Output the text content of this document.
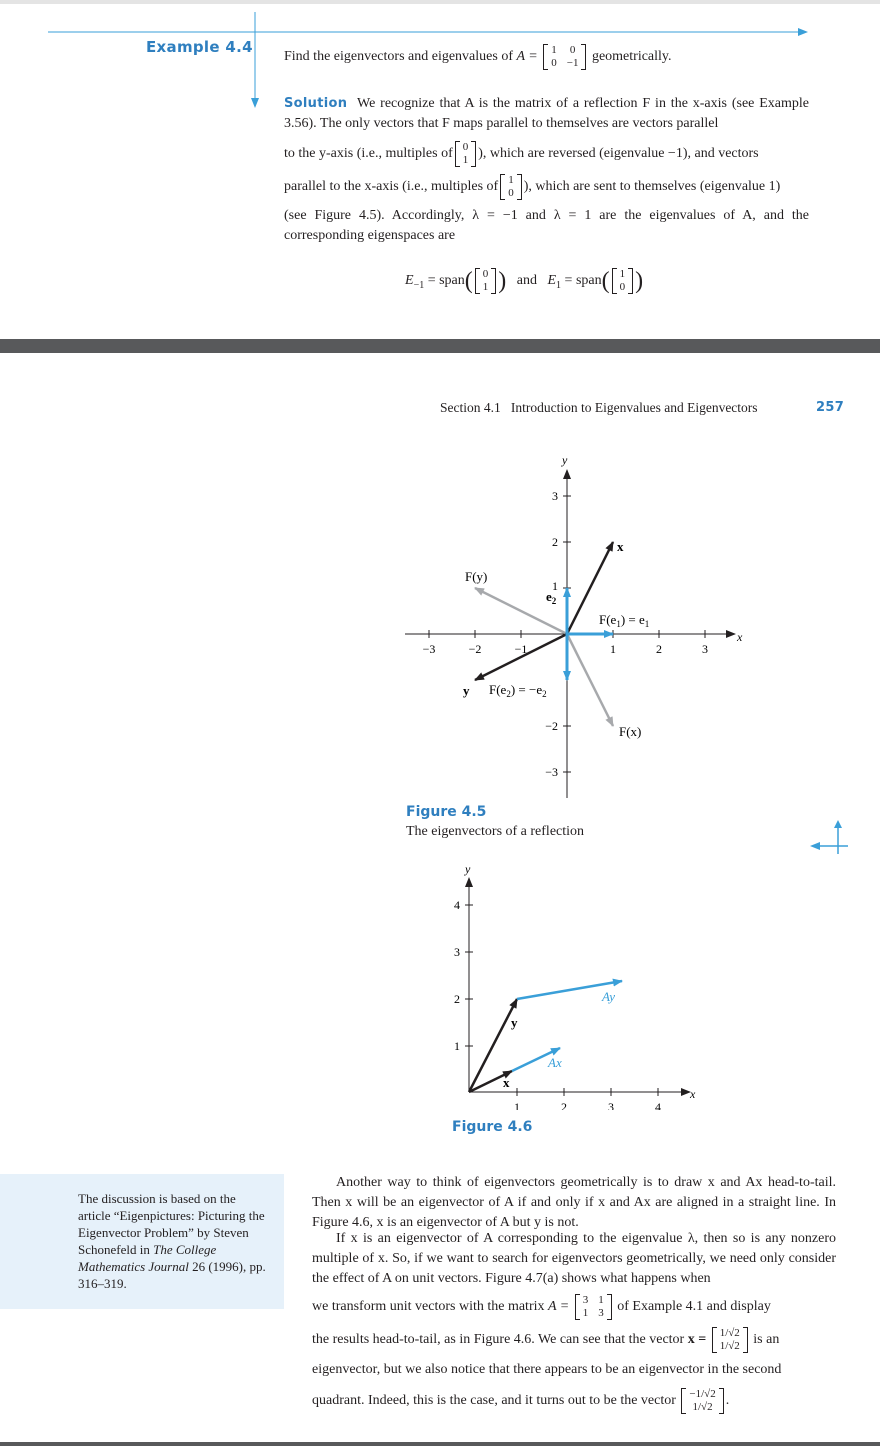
Example 4.4
Find the eigenvectors and eigenvalues of A = 1 0
0 −1 geometrically.
Solution We recognize that A is the matrix of a reflection F in the x-axis (see Example 3.56). The only vectors that F maps parallel to themselves are vectors parallel
to the y-axis (i.e., multiples of 0
1 ), which are reversed (eigenvalue −1), and vectors
parallel to the x-axis (i.e., multiples of 1
0 ), which are sent to themselves (eigenvalue 1)
(see Figure 4.5). Accordingly, λ = −1 and λ = 1 are the eigenvalues of A, and the corresponding eigenspaces are
$E_{-1}$ = span( 0
1 ) and $E_1$ = span( 1
0 )
Section 4.1 Introduction to Eigenvalues and Eigenvectors	257
x
y
−3	−2	−1	1	2	3
3
2
1
−2
−3
F(y)
$e_2$
x
$F(e_1) = e_1$
y $F(e_2) = -e_2$
F(x)
Figure 4.5
The eigenvectors of a reflection
x
y
1	2	3	4
1
2
3
4
y
Ay
x
Ax
Figure 4.6
The discussion is based on the article “Eigenpictures: Picturing the Eigenvector Problem” by Steven Schonefeld in The College Mathematics Journal 26 (1996), pp. 316–319.
Another way to think of eigenvectors geometrically is to draw x and Ax head-to-tail. Then x will be an eigenvector of A if and only if x and Ax are aligned in a straight line. In Figure 4.6, x is an eigenvector of A but y is not.
If x is an eigenvector of A corresponding to the eigenvalue λ, then so is any nonzero multiple of x. So, if we want to search for eigenvectors geometrically, we need only consider the effect of A on unit vectors. Figure 4.7(a) shows what happens when
we transform unit vectors with the matrix A = 3 1
1 3 of Example 4.1 and display
the results head-to-tail, as in Figure 4.6. We can see that the vector x = 1/√2
1/√2 is an
eigenvector, but we also notice that there appears to be an eigenvector in the second
quadrant. Indeed, this is the case, and it turns out to be the vector −1/√2
1/√2 .
